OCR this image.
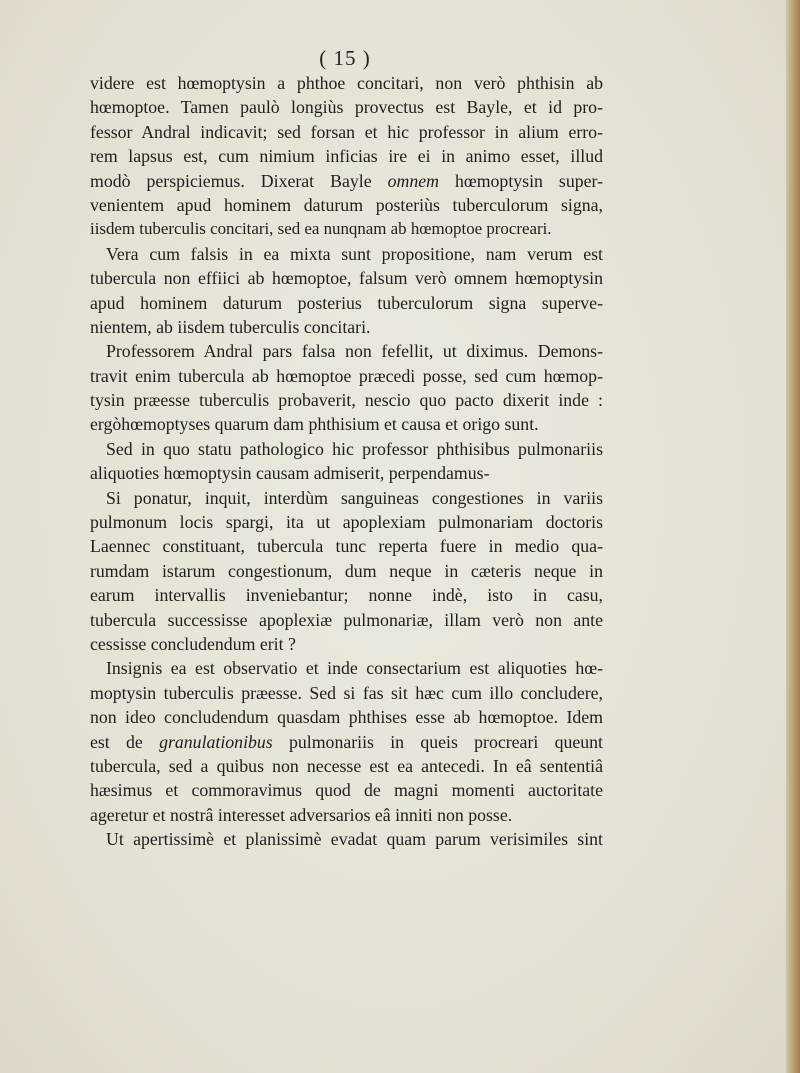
( 15 )
videre est hœmoptysin a phthoe concitari, non verò phthisin ab
hœmoptoe. Tamen paulò longiùs provectus est Bayle, et id pro-
fessor Andral indicavit; sed forsan et hic professor in alium erro-
rem lapsus est, cum nimium inficias ire ei in animo esset, illud
modò perspiciemus. Dixerat Bayle omnem hœmoptysin super-
venientem apud hominem daturum posteriùs tuberculorum signa,
iisdem tuberculis concitari, sed ea nunqnam ab hœmoptoe procreari.
Vera cum falsis in ea mixta sunt propositione, nam verum est
tubercula non effiici ab hœmoptoe, falsum verò omnem hœmoptysin
apud hominem daturum posterius tuberculorum signa superve-
nientem, ab iisdem tuberculis concitari.
Professorem Andral pars falsa non fefellit, ut diximus. Demons-
travit enim tubercula ab hœmoptoe præcedi posse, sed cum hœmop-
tysin præesse tuberculis probaverit, nescio quo pacto dixerit inde :
ergòhœmoptyses quarum dam phthisium et causa et origo sunt.
Sed in quo statu pathologico hic professor phthisibus pulmonariis
aliquoties hœmoptysin causam admiserit, perpendamus-
Si ponatur, inquit, interdùm sanguineas congestiones in variis
pulmonum locis spargi, ita ut apoplexiam pulmonariam doctoris
Laennec constituant, tubercula tunc reperta fuere in medio qua-
rumdam istarum congestionum, dum neque in cæteris neque in
earum intervallis inveniebantur; nonne indè, isto in casu,
tubercula successisse apoplexiæ pulmonariæ, illam verò non ante
cessisse concludendum erit ?
Insignis ea est observatio et inde consectarium est aliquoties hœ-
moptysin tuberculis præesse. Sed si fas sit hæc cum illo concludere,
non ideo concludendum quasdam phthises esse ab hœmoptoe. Idem
est de granulationibus pulmonariis in queis procreari queunt
tubercula, sed a quibus non necesse est ea antecedi. In eâ sententiâ
hæsimus et commoravimus quod de magni momenti auctoritate
ageretur et nostrâ interesset adversarios eâ inniti non posse.
Ut apertissimè et planissimè evadat quam parum verisimiles sint
